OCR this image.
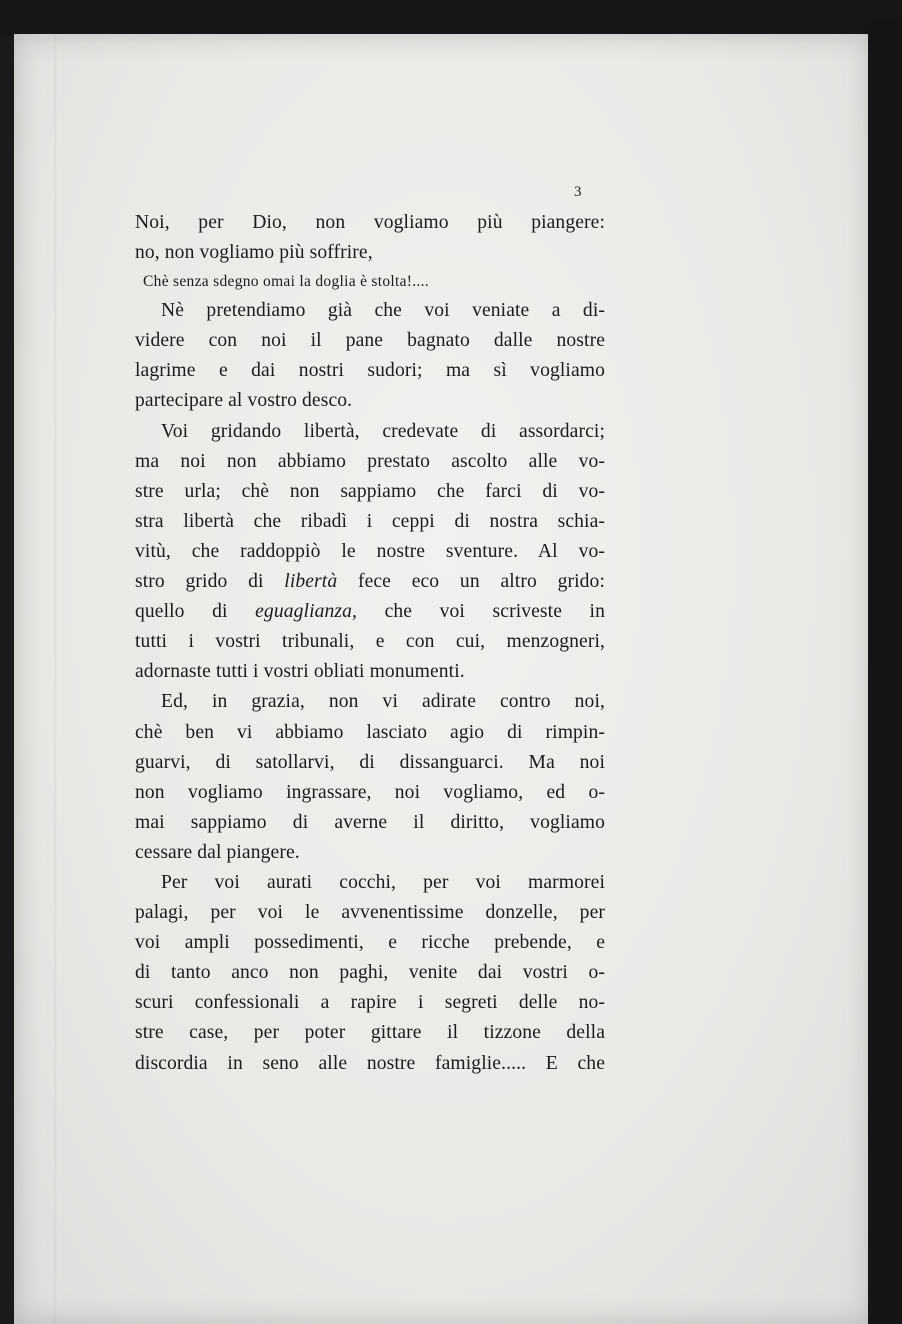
3

Noi, per Dio, non vogliamo più piangere:
no, non vogliamo più soffrire,

Chè senza sdegno omai la doglia è stolta!....

Nè pretendiamo già che voi veniate a di-
videre con noi il pane bagnato dalle nostre
lagrime e dai nostri sudori; ma sì vogliamo
partecipare al vostro desco.

Voi gridando libertà, credevate di assordarci;
ma noi non abbiamo prestato ascolto alle vo-
stre urla; chè non sappiamo che farci di vo-
stra libertà che ribadì i ceppi di nostra schia-
vitù, che raddoppiò le nostre sventure. Al vo-
stro grido di libertà fece eco un altro grido:
quello di eguaglianza, che voi scriveste in
tutti i vostri tribunali, e con cui, menzogneri,
adornaste tutti i vostri obliati monumenti.

Ed, in grazia, non vi adirate contro noi,
chè ben vi abbiamo lasciato agio di rimpin-
guarvi, di satollarvi, di dissanguarci. Ma noi
non vogliamo ingrassare, noi vogliamo, ed o-
mai sappiamo di averne il diritto, vogliamo
cessare dal piangere.

Per voi aurati cocchi, per voi marmorei
palagi, per voi le avvenentissime donzelle, per
voi ampli possedimenti, e ricche prebende, e
di tanto anco non paghi, venite dai vostri o-
scuri confessionali a rapire i segreti delle no-
stre case, per poter gittare il tizzone della
discordia in seno alle nostre famiglie..... E che
